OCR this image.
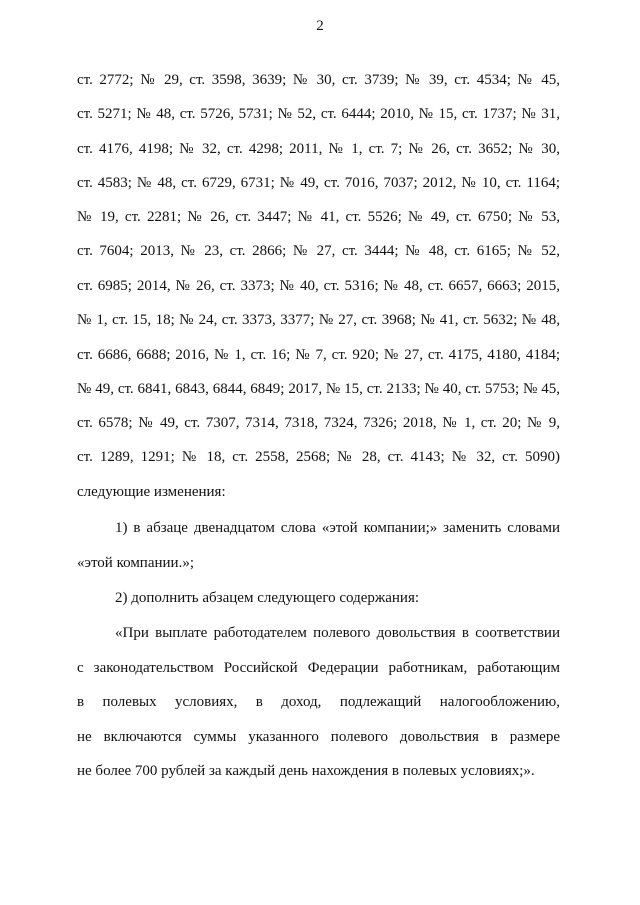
2
ст. 2772; № 29, ст. 3598, 3639; № 30, ст. 3739; № 39, ст. 4534; № 45,
ст. 5271; № 48, ст. 5726, 5731; № 52, ст. 6444; 2010, № 15, ст. 1737; № 31,
ст. 4176, 4198; № 32, ст. 4298; 2011, № 1, ст. 7; № 26, ст. 3652; № 30,
ст. 4583; № 48, ст. 6729, 6731; № 49, ст. 7016, 7037; 2012, № 10, ст. 1164;
№ 19, ст. 2281; № 26, ст. 3447; № 41, ст. 5526; № 49, ст. 6750; № 53,
ст. 7604; 2013, № 23, ст. 2866; № 27, ст. 3444; № 48, ст. 6165; № 52,
ст. 6985; 2014, № 26, ст. 3373; № 40, ст. 5316; № 48, ст. 6657, 6663; 2015,
№ 1, ст. 15, 18; № 24, ст. 3373, 3377; № 27, ст. 3968; № 41, ст. 5632; № 48,
ст. 6686, 6688; 2016, № 1, ст. 16; № 7, ст. 920; № 27, ст. 4175, 4180, 4184;
№ 49, ст. 6841, 6843, 6844, 6849; 2017, № 15, ст. 2133; № 40, ст. 5753; № 45,
ст. 6578; № 49, ст. 7307, 7314, 7318, 7324, 7326; 2018, № 1, ст. 20; № 9,
ст. 1289, 1291; № 18, ст. 2558, 2568; № 28, ст. 4143; № 32, ст. 5090)
следующие изменения:
1) в абзаце двенадцатом слова «этой компании;» заменить словами
«этой компании.»;
2) дополнить абзацем следующего содержания:
«При выплате работодателем полевого довольствия в соответствии
с законодательством Российской Федерации работникам, работающим
в полевых условиях, в доход, подлежащий налогообложению,
не включаются суммы указанного полевого довольствия в размере
не более 700 рублей за каждый день нахождения в полевых условиях;».
